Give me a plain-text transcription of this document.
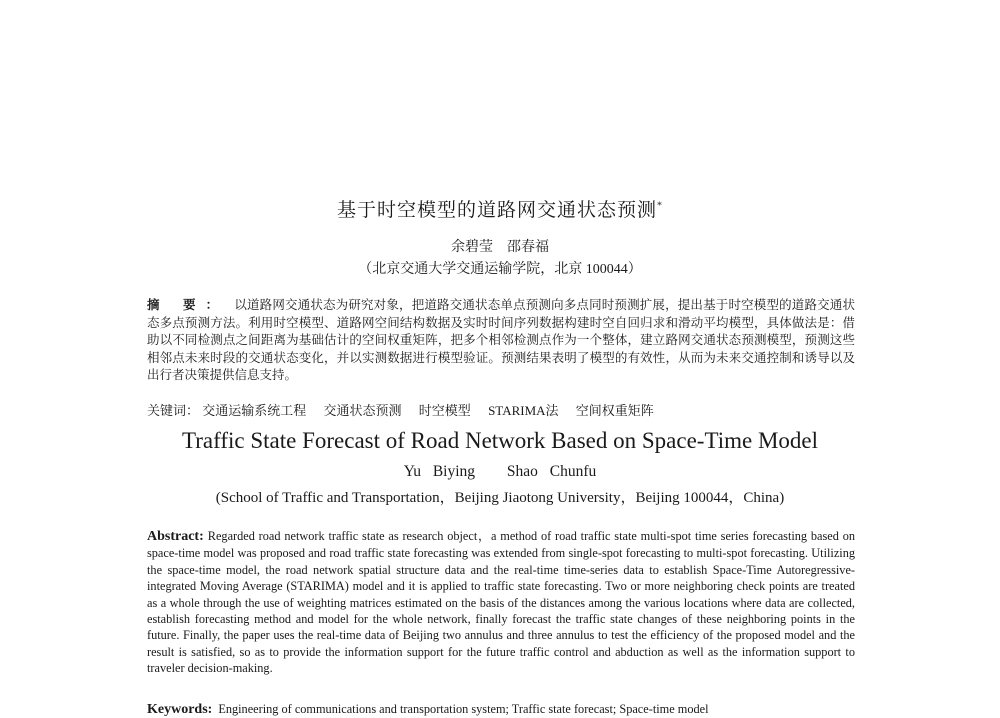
基于时空模型的道路网交通状态预测*
余碧莹　邵春福
（北京交通大学交通运输学院，北京 100044）
摘 要： 以道路网交通状态为研究对象，把道路交通状态单点预测向多点同时预测扩展，提出基于时空模型的道路交通状态多点预测方法。利用时空模型、道路网空间结构数据及实时时间序列数据构建时空自回归求和滑动平均模型，具体做法是：借助以不同检测点之间距离为基础估计的空间权重矩阵，把多个相邻检测点作为一个整体，建立路网交通状态预测模型，预测这些相邻点未来时段的交通状态变化，并以实测数据进行模型验证。预测结果表明了模型的有效性，从而为未来交通控制和诱导以及出行者决策提供信息支持。
关键词： 交通运输系统工程 交通状态预测 时空模型 STARIMA法 空间权重矩阵
Traffic State Forecast of Road Network Based on Space-Time Model
Yu Biying Shao Chunfu
(School of Traffic and Transportation，Beijing Jiaotong University，Beijing 100044，China)
Abstract: Regarded road network traffic state as research object，a method of road traffic state multi-spot time series forecasting based on space-time model was proposed and road traffic state forecasting was extended from single-spot forecasting to multi-spot forecasting. Utilizing the space-time model, the road network spatial structure data and the real-time time-series data to establish Space-Time Autoregressive-integrated Moving Average (STARIMA) model and it is applied to traffic state forecasting. Two or more neighboring check points are treated as a whole through the use of weighting matrices estimated on the basis of the distances among the various locations where data are collected, establish forecasting method and model for the whole network, finally forecast the traffic state changes of these neighboring points in the future. Finally, the paper uses the real-time data of Beijing two annulus and three annulus to test the efficiency of the proposed model and the result is satisfied, so as to provide the information support for the future traffic control and abduction as well as the information support to traveler decision-making.
Keywords: Engineering of communications and transportation system; Traffic state forecast; Space-time model
